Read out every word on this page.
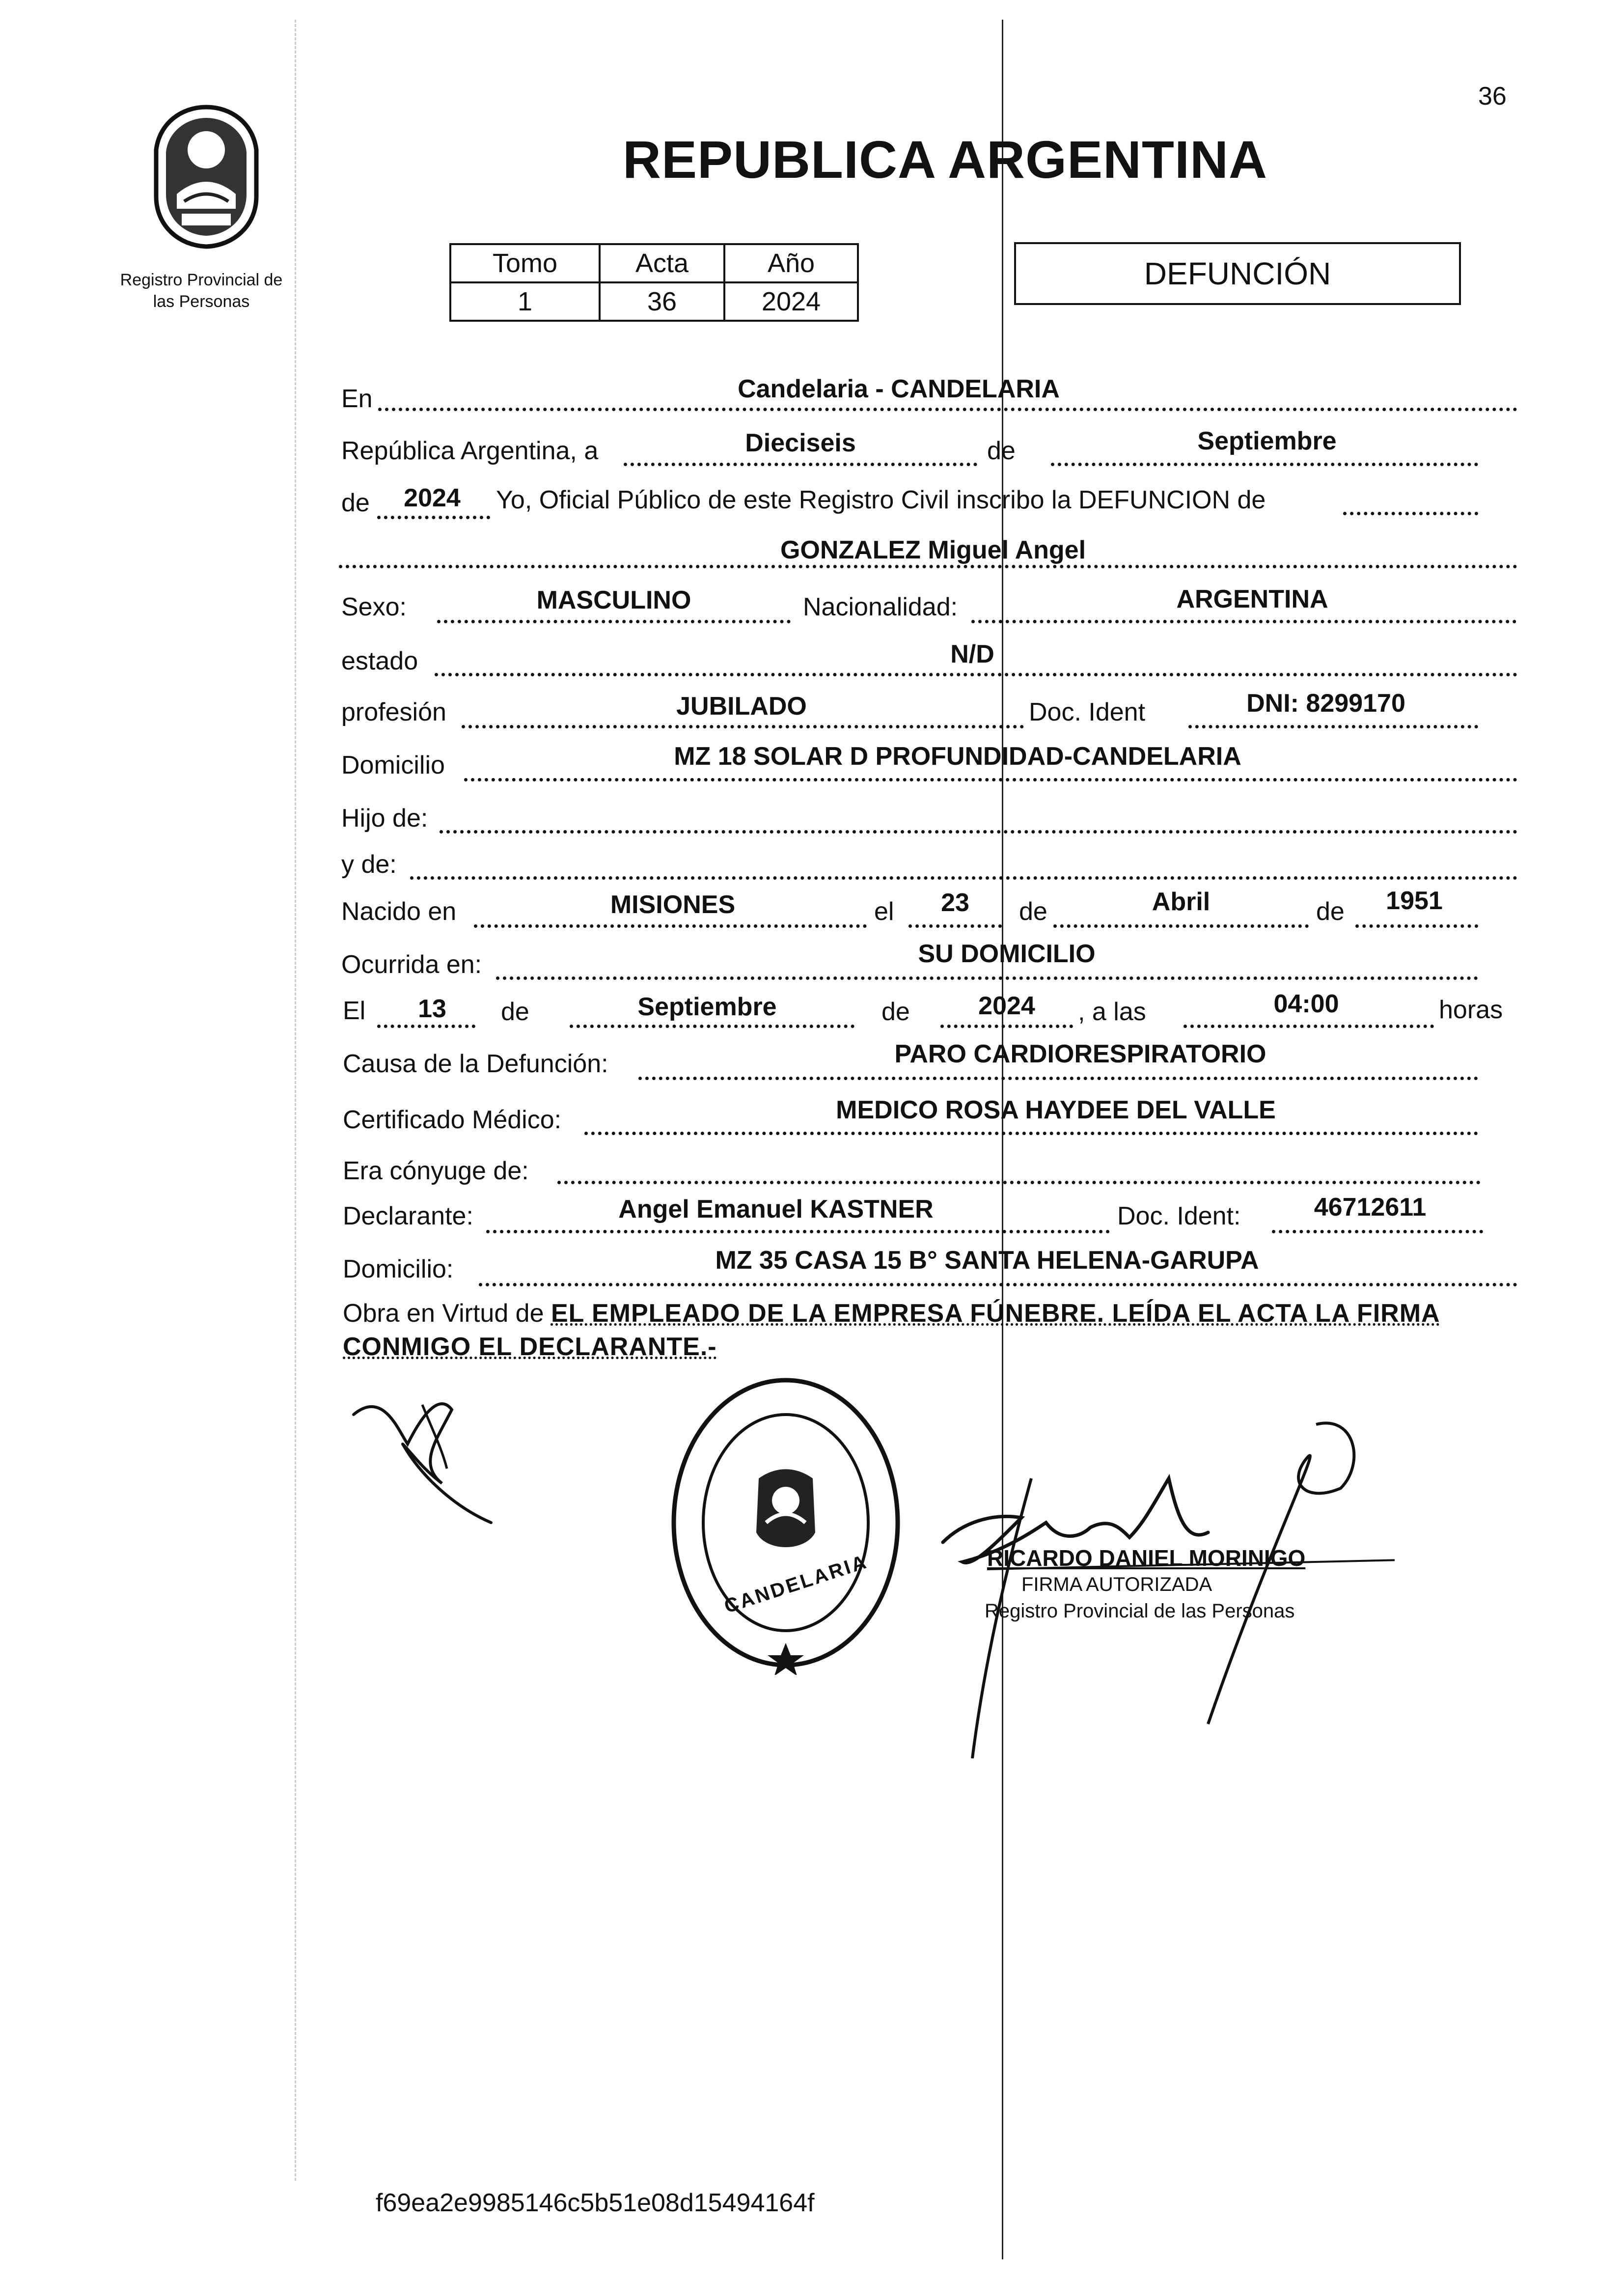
36
Registro Provincial de
las Personas
REPUBLICA ARGENTINA
Tomo	Acta	Año
1	36	2024
DEFUNCIÓN
En	Candelaria - CANDELARIA
República Argentina, a	Dieciseis	de	Septiembre
de	2024	Yo, Oficial Público de este Registro Civil inscribo la DEFUNCION de
GONZALEZ Miguel Angel
Sexo:	MASCULINO	Nacionalidad:	ARGENTINA
estado	N/D
profesión	JUBILADO	Doc. Ident	DNI: 8299170
Domicilio	MZ 18 SOLAR D PROFUNDIDAD-CANDELARIA
Hijo de:
y de:
Nacido en	MISIONES	el	23	de	Abril	de	1951
Ocurrida en:	SU DOMICILIO
El	13	de	Septiembre	de	2024	, a las	04:00	horas
Causa de la Defunción:	PARO CARDIORESPIRATORIO
Certificado Médico:	MEDICO ROSA HAYDEE DEL VALLE
Era cónyuge de:
Declarante:	Angel Emanuel KASTNER	Doc. Ident:	46712611
Domicilio:	MZ 35 CASA 15 B° SANTA HELENA-GARUPA
Obra en Virtud de EL EMPLEADO DE LA EMPRESA FÚNEBRE. LEÍDA EL ACTA LA FIRMA CONMIGO EL DECLARANTE.-
CANDELARIA	RICARDO DANIEL MORINIGO
FIRMA AUTORIZADA
Registro Provincial de las Personas
f69ea2e9985146c5b51e08d15494164f
